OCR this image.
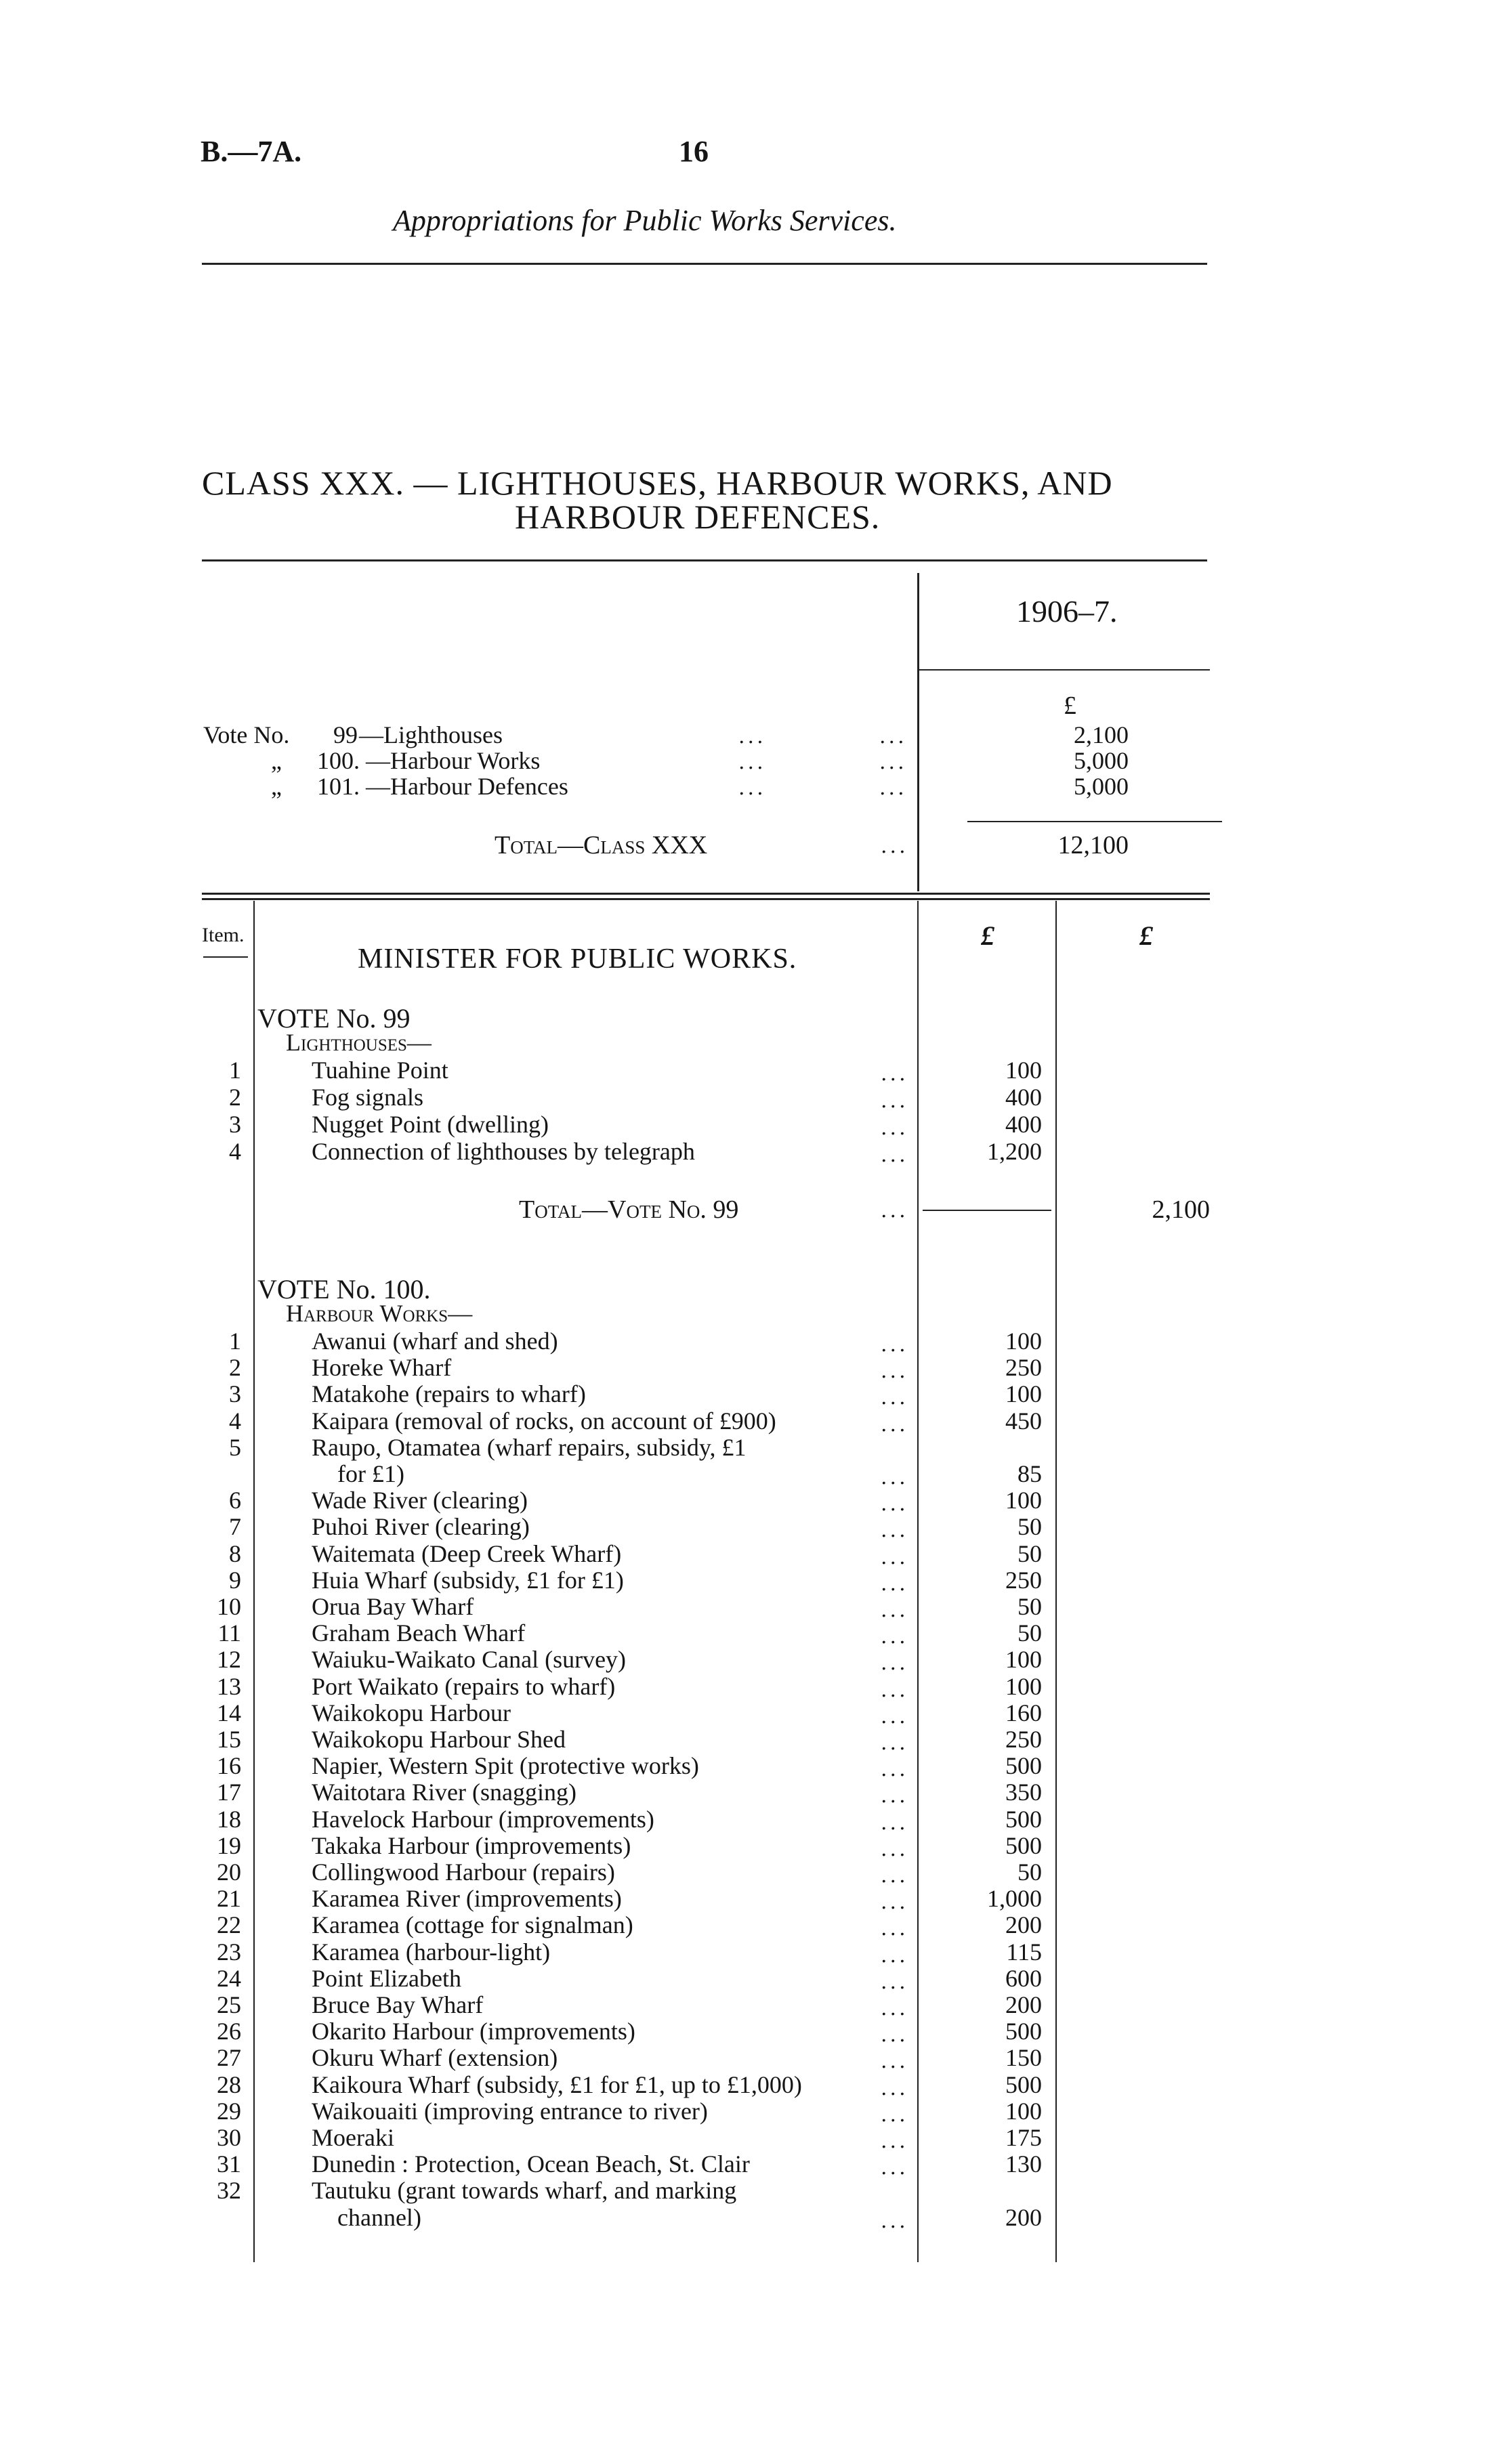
B.—7A.	16
Appropriations for Public Works Services.
CLASS XXX. — LIGHTHOUSES, HARBOUR WORKS, AND
HARBOUR DEFENCES.
1906–7.
£
Vote No. 99 —Lighthouses	...	...	2,100
„ 100. —Harbour Works	...	...	5,000
„ 101. —Harbour Defences	...	...	5,000
Total—Class XXX	...	12,100
Item.	£	£
MINISTER FOR PUBLIC WORKS.
VOTE No. 99
Lighthouses—
1	Tuahine Point	...	100
2	Fog signals	...	400
3	Nugget Point (dwelling)	...	400
4	Connection of lighthouses by telegraph	...	1,200
Total—Vote No. 99	...	2,100
VOTE No. 100.
Harbour Works—
1	Awanui (wharf and shed)	...	100
2	Horeke Wharf	...	250
3	Matakohe (repairs to wharf)	...	100
4	Kaipara (removal of rocks, on account of £900)	...	450
5	Raupo, Otamatea (wharf repairs, subsidy, £1
for £1)	...	85
6	Wade River (clearing)	...	100
7	Puhoi River (clearing)	...	50
8	Waitemata (Deep Creek Wharf)	...	50
9	Huia Wharf (subsidy, £1 for £1)	...	250
10	Orua Bay Wharf	...	50
11	Graham Beach Wharf	...	50
12	Waiuku-Waikato Canal (survey)	...	100
13	Port Waikato (repairs to wharf)	...	100
14	Waikokopu Harbour	...	160
15	Waikokopu Harbour Shed	...	250
16	Napier, Western Spit (protective works)	...	500
17	Waitotara River (snagging)	...	350
18	Havelock Harbour (improvements)	...	500
19	Takaka Harbour (improvements)	...	500
20	Collingwood Harbour (repairs)	...	50
21	Karamea River (improvements)	...	1,000
22	Karamea (cottage for signalman)	...	200
23	Karamea (harbour-light)	...	115
24	Point Elizabeth	...	600
25	Bruce Bay Wharf	...	200
26	Okarito Harbour (improvements)	...	500
27	Okuru Wharf (extension)	...	150
28	Kaikoura Wharf (subsidy, £1 for £1, up to £1,000)	...	500
29	Waikouaiti (improving entrance to river)	...	100
30	Moeraki	...	175
31	Dunedin : Protection, Ocean Beach, St. Clair	...	130
32	Tautuku (grant towards wharf, and marking
channel)	...	200
